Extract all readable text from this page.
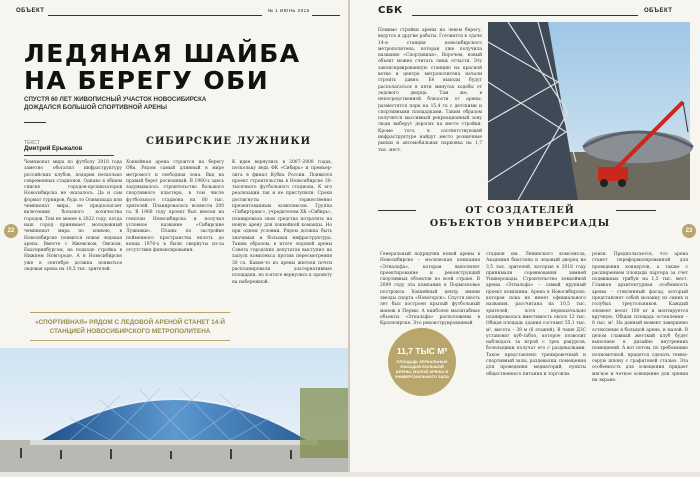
ОБЪЕКТ	№ 1 ИЮНЬ 2015
22
ЛЕДЯНАЯ ШАЙБА
НА БЕРЕГУ ОБИ
СПУСТЯ 60 ЛЕТ ЖИВОПИСНЫЙ УЧАСТОК НОВОСИБИРСКА ДОЖДАЛСЯ БОЛЬШОЙ СПОРТИВНОЙ АРЕНЫ
ТЕКСТ
Дмитрий Ерыкалов
СИБИРСКИЕ ЛУЖНИКИ
Чемпионат мира по футболу 2018 года заметно обогатил инфраструктуру российских клубов, подарив несколько современных стадионов. Однако в общем списке городов-организаторов Новосибирска не оказалось. Да и сам формат турниров, будь то Олимпиада или чемпионат мира, не предполагает включения большого количества городов. Тем не менее к 2022 году, когда наш город принимает молодежный чемпионат мира по хоккею, в Новосибирске появится новая ледовая арена. Вместе с Ижевском, Омском, Екатеринбургом, на подходе стройка в Нижнем Новгороде. А в Новосибирске уже в сентябре должна появиться ледовая арена на 10,5 тыс. зрителей.
Хоккейная арена строится на берегу Оби. Рядом самый длинный в мире метромост и свободная зона. Вид на правый берег роскошный. В 1960-х здесь задумывалось строительство большого спортивного кластера, в том числе футбольного стадиона на 80 тыс. зрителей. Планировалось возвести 200 га. В 1968 году проект был внесен на генплан Новосибирска и получил условное название «Сибирские Лужники». Планы по застройке пойменного пространства вплоть до конца 1970-х в были свернуты из-за отсутствия финансирования.
К идее вернулись в 2007–2008 годах, поскольку ведь ФК «Сибирь» и премьер-лига в финал Кубка России. Появился проект строительства в Новосибирске 30-тысячного футбольного стадиона. К его реализации так и не приступили. Сроки достигнуты торжественно презентованным комплексом. Группа «Сибиртранс», учредителем ХК «Сибирь», планировала свои средства потратить на новую арену для хоккейной команды. Но при одном условии. Рядом должна быть значимая и большая инфраструктура. Таким образом, в итоге ледовой арены Совета городских депутатов выступил на запуск комплекса против пересмотрения 30 га. Какие-то из арены жители почти распланировали альтернативные площадки, но в итоге вернулись к проекту на набережной.
«СПОРТИВНАЯ» РЯДОМ С ЛЕДОВОЙ АРЕНОЙ СТАНЕТ 14-Й СТАНЦИЕЙ НОВОСИБИРСКОГО МЕТРОПОЛИТЕНА
СБК	ОБЪЕКТ
23
Помимо стройки арены на левом берегу, ведутся и другие работы. Готовится к сдаче 14-я станция новосибирского метрополитена, которая уже получила название «Спортивная». Впрочем, новый объект можно считать лишь отчасти. Эту законсервированную станцию на красной ветке в центре метрополитена начали строить давно. Её выходы будут располагаться в пяти минутах ходьбы от ледового дворца. Там же, в непосредственной близости от арены, разместятся парк на 15,4 га с детскими и спортивными площадками. Таким образом получится массивный рекреационный зону люди выберут дорогих на месте стройки. Кроме того, в соответствующей инфраструктуре найдут место розничные рынки и автомобильная парковка на 1,7 тыс. мест.
ОТ СОЗДАТЕЛЕЙ
ОБЪЕКТОВ УНИВЕРСИАДЫ
Генеральный подрядчик новой арены в Новосибирске – московская компания «Этнальфа», которая выполняет проектирование и реконструкций спортивных объектов по всей стране. В 2009 году эта компания в Подмосковье построила Хоккейный центр имени звезды спорта «Новогорск». Спустя шесть лет был построен крытый футбольный манеж в Перми. А наиболее масштабные объекты «Этнальфа» расположены в Красноярске. Это реконструированный
стадион им. Ленинского комсомола, Академия биатлона и ледовый дворец на 3,5 тыс. зрителей, которые в 2018 году принимали соревнования зимней Универсиады. Строительство хоккейной арены «Этнальфа» – самый крупный проект компании. Арена в Новосибирске, которая пока не имеет официального названия, рассчитана на 10,5 тыс. зрителей, хотя первоначально планировалась вместимость около 12 тыс. Общая площадь здания составит 55,1 тыс. м², высота – 38 м (6 этажей). В чаше ДЗС установят куб-табло, которое позволит наблюдать за игрой с трех ракурсов, болельщики получат его с раздевалками. Такое представлено тренировочный и спортивный залы, раздевалки, помещения для проведения медиаторий, пункты общественного питания и торговли.
ровли. Предполагается, что арена станет переформатированной для проведения концертов, а также с расширением площади партера за счет подвижных трибун на 1,5 тыс. мест. Главная архитектурная особенность арены – стеклянный фасад, который представляет собой мозаику из синих и голубых треугольников. Каждый элемент весит 180 кг и монтируется вручную. Общая площадь остекления – 8 тыс. м². На данный момент завершено остекление в большой арене, и малой. В целом главный жесткий клуб будет выполнен в дизайне внутренних помещений. А вот потом, по требованию полномочной, придется сделать темно-серую шпону с графитовой сталью. Эта особенность для освещения придает мягкое и четкое освещение для зрения на экране.
11,7 ТЫС М²
ПЛОЩАДЬ ЗЕРКАЛЬНЫХ ФАСАДОВ БОЛЬШОЙ АРЕНЫ, МАЛОЙ АРЕНЫ И УНИВЕРСИАЛЬНОГО ЗАЛА
